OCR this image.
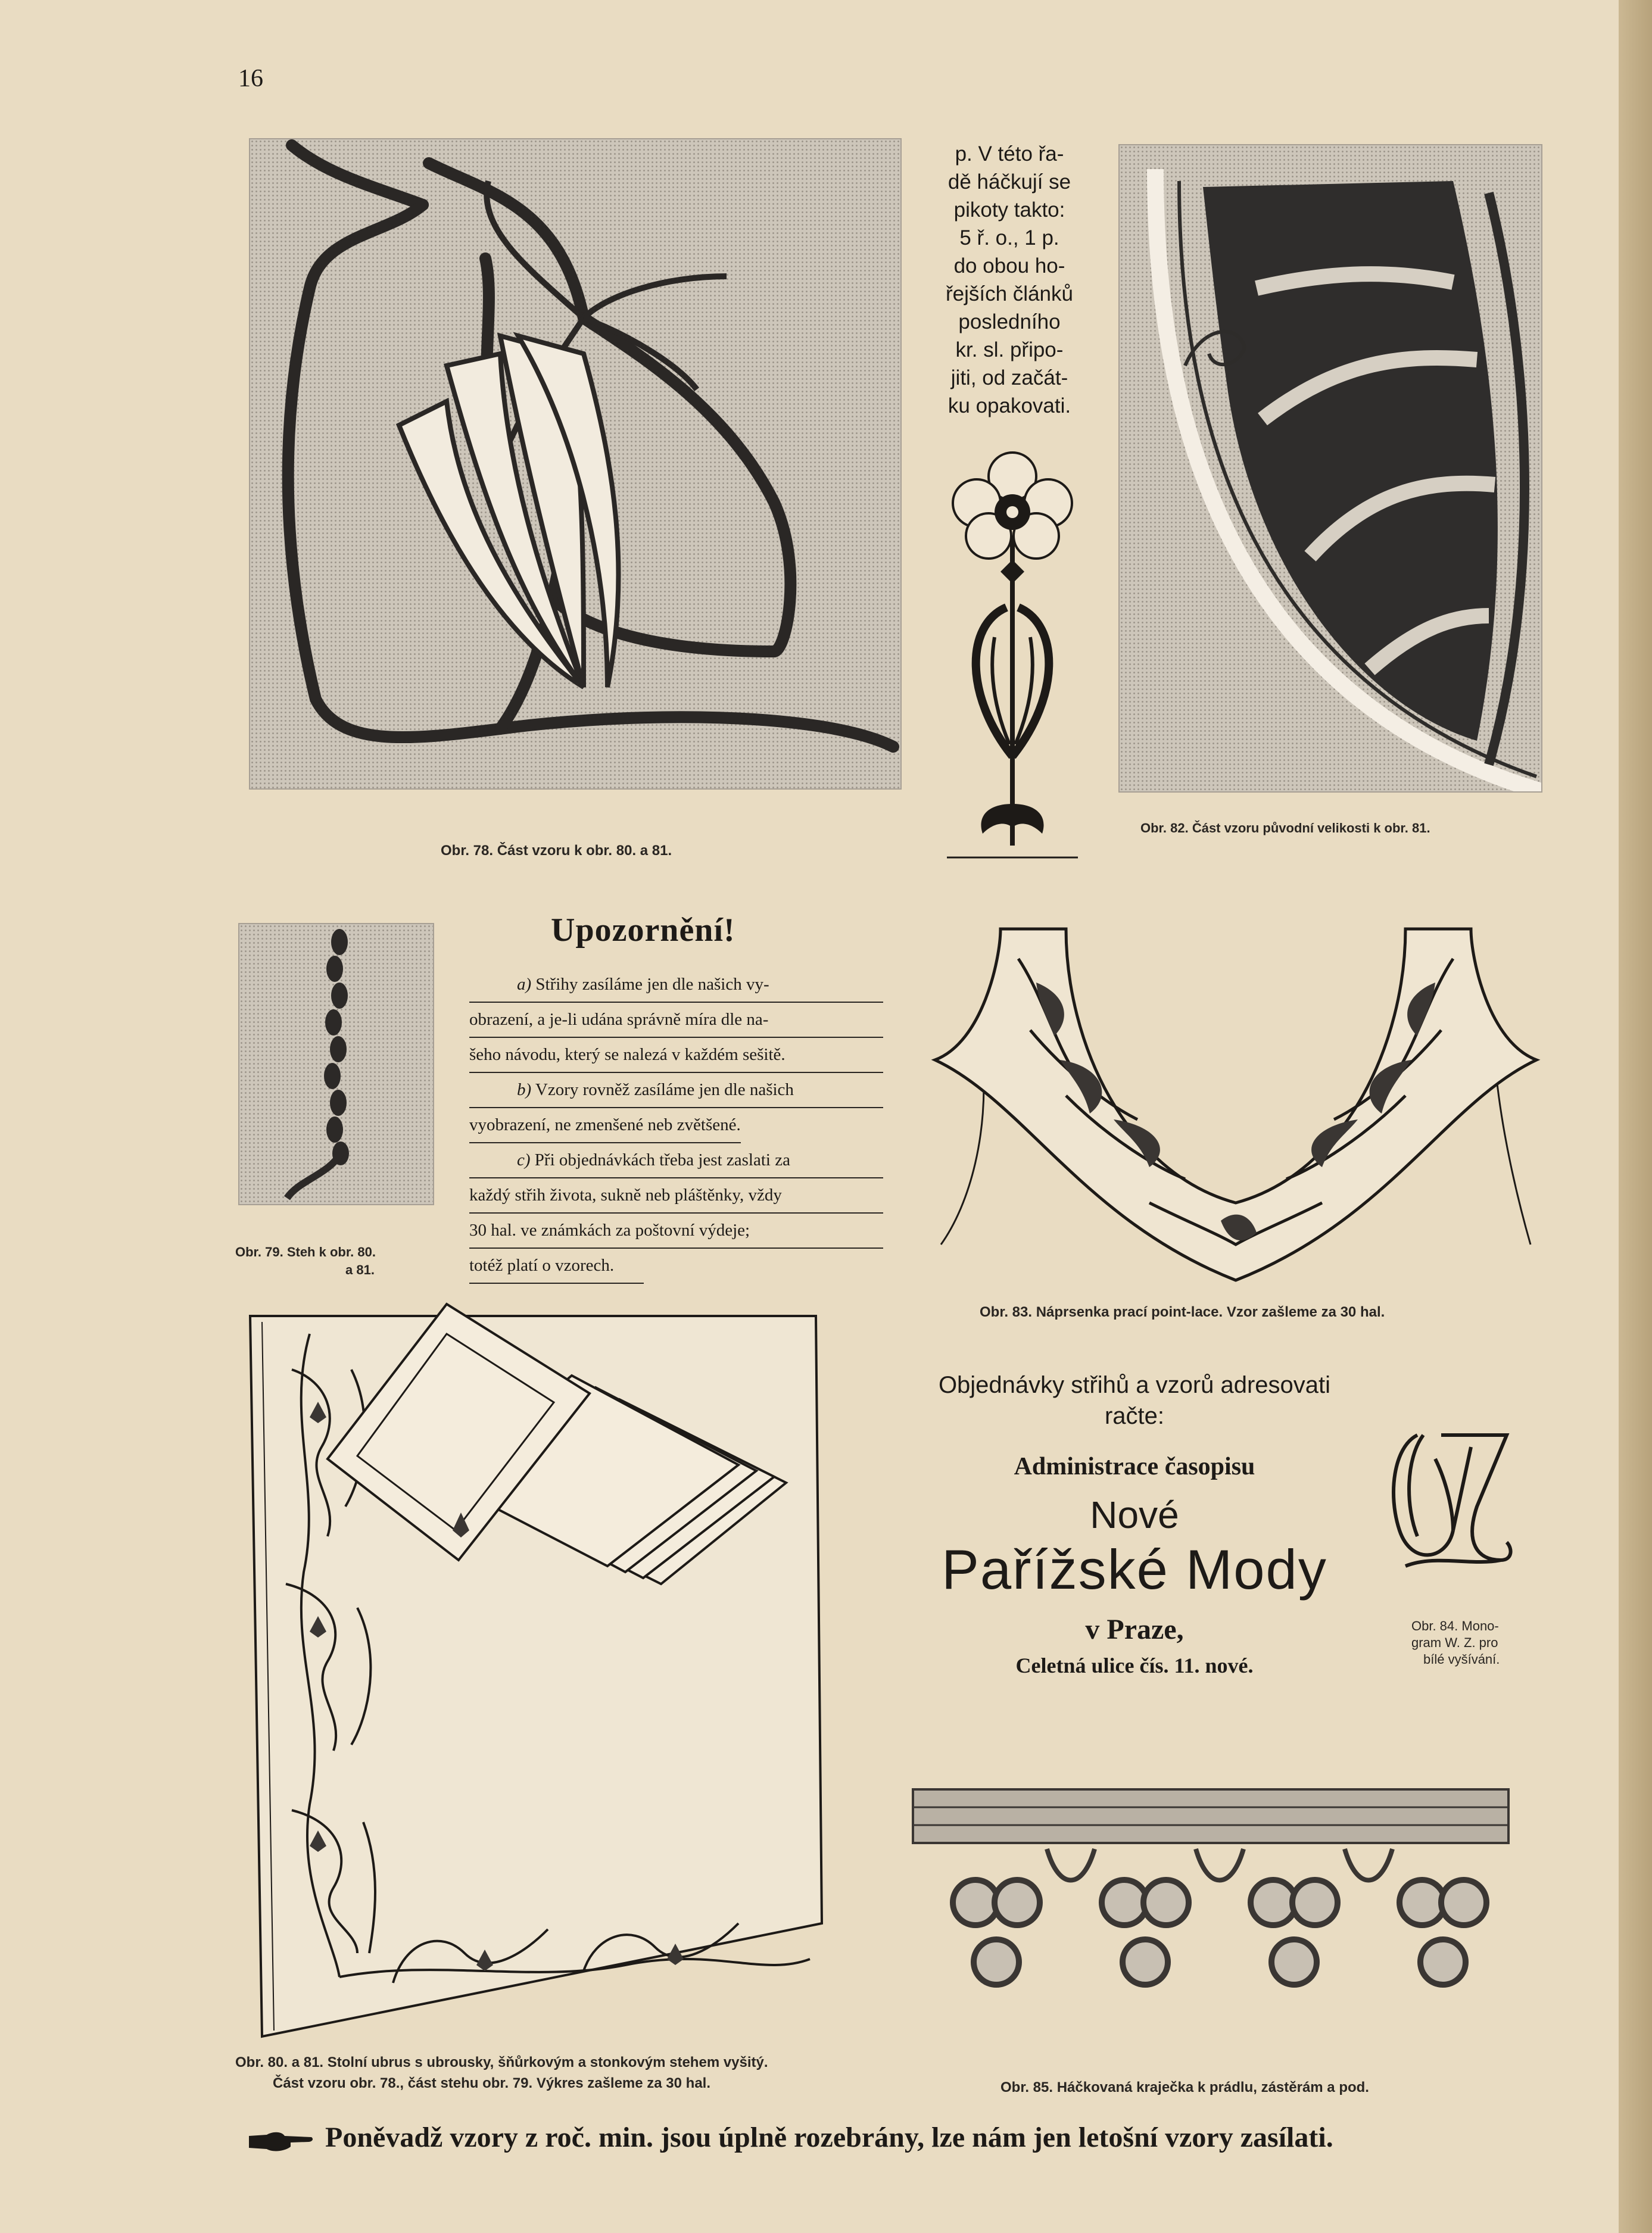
16
Obr. 78. Část vzoru k obr. 80. a 81.
p. V této řa-
dě háčkují se
pikoty takto:
5 ř. o., 1 p.
do obou ho-
řejších článků
posledního
kr. sl. připo-
jiti, od začát-
ku opakovati.
Obr. 82. Část vzoru původní velikosti k obr. 81.
Obr. 79. Steh k obr. 80.
a 81.
Upozornění!
a) Střihy zasíláme jen dle našich vy-
obrazení, a je-li udána správně míra dle na-
šeho návodu, který se nalezá v každém sešitě.
b) Vzory rovněž zasíláme jen dle našich
vyobrazení, ne zmenšené neb zvětšené.
c) Při objednávkách třeba jest zaslati za
každý střih života, sukně neb pláštěnky, vždy
30 hal. ve známkách za poštovní výdeje;
totéž platí o vzorech.
Obr. 83. Náprsenka prací point-lace. Vzor zašleme za 30 hal.
Obr. 80. a 81. Stolní ubrus s ubrousky, šňůrkovým a stonkovým stehem vyšitý.
Část vzoru obr. 78., část stehu obr. 79. Výkres zašleme za 30 hal.
Objednávky střihů a vzorů adresovati
račte:
Administrace časopisu
Nové
Pařížské Mody
v Praze,
Celetná ulice čís. 11. nové.
Obr. 84. Mono-
gram W. Z. pro
bílé vyšívání.
Obr. 85. Háčkovaná kraječka k prádlu, zástěrám a pod.
Poněvadž vzory z roč. min. jsou úplně rozebrány, lze nám jen letošní vzory zasílati.
